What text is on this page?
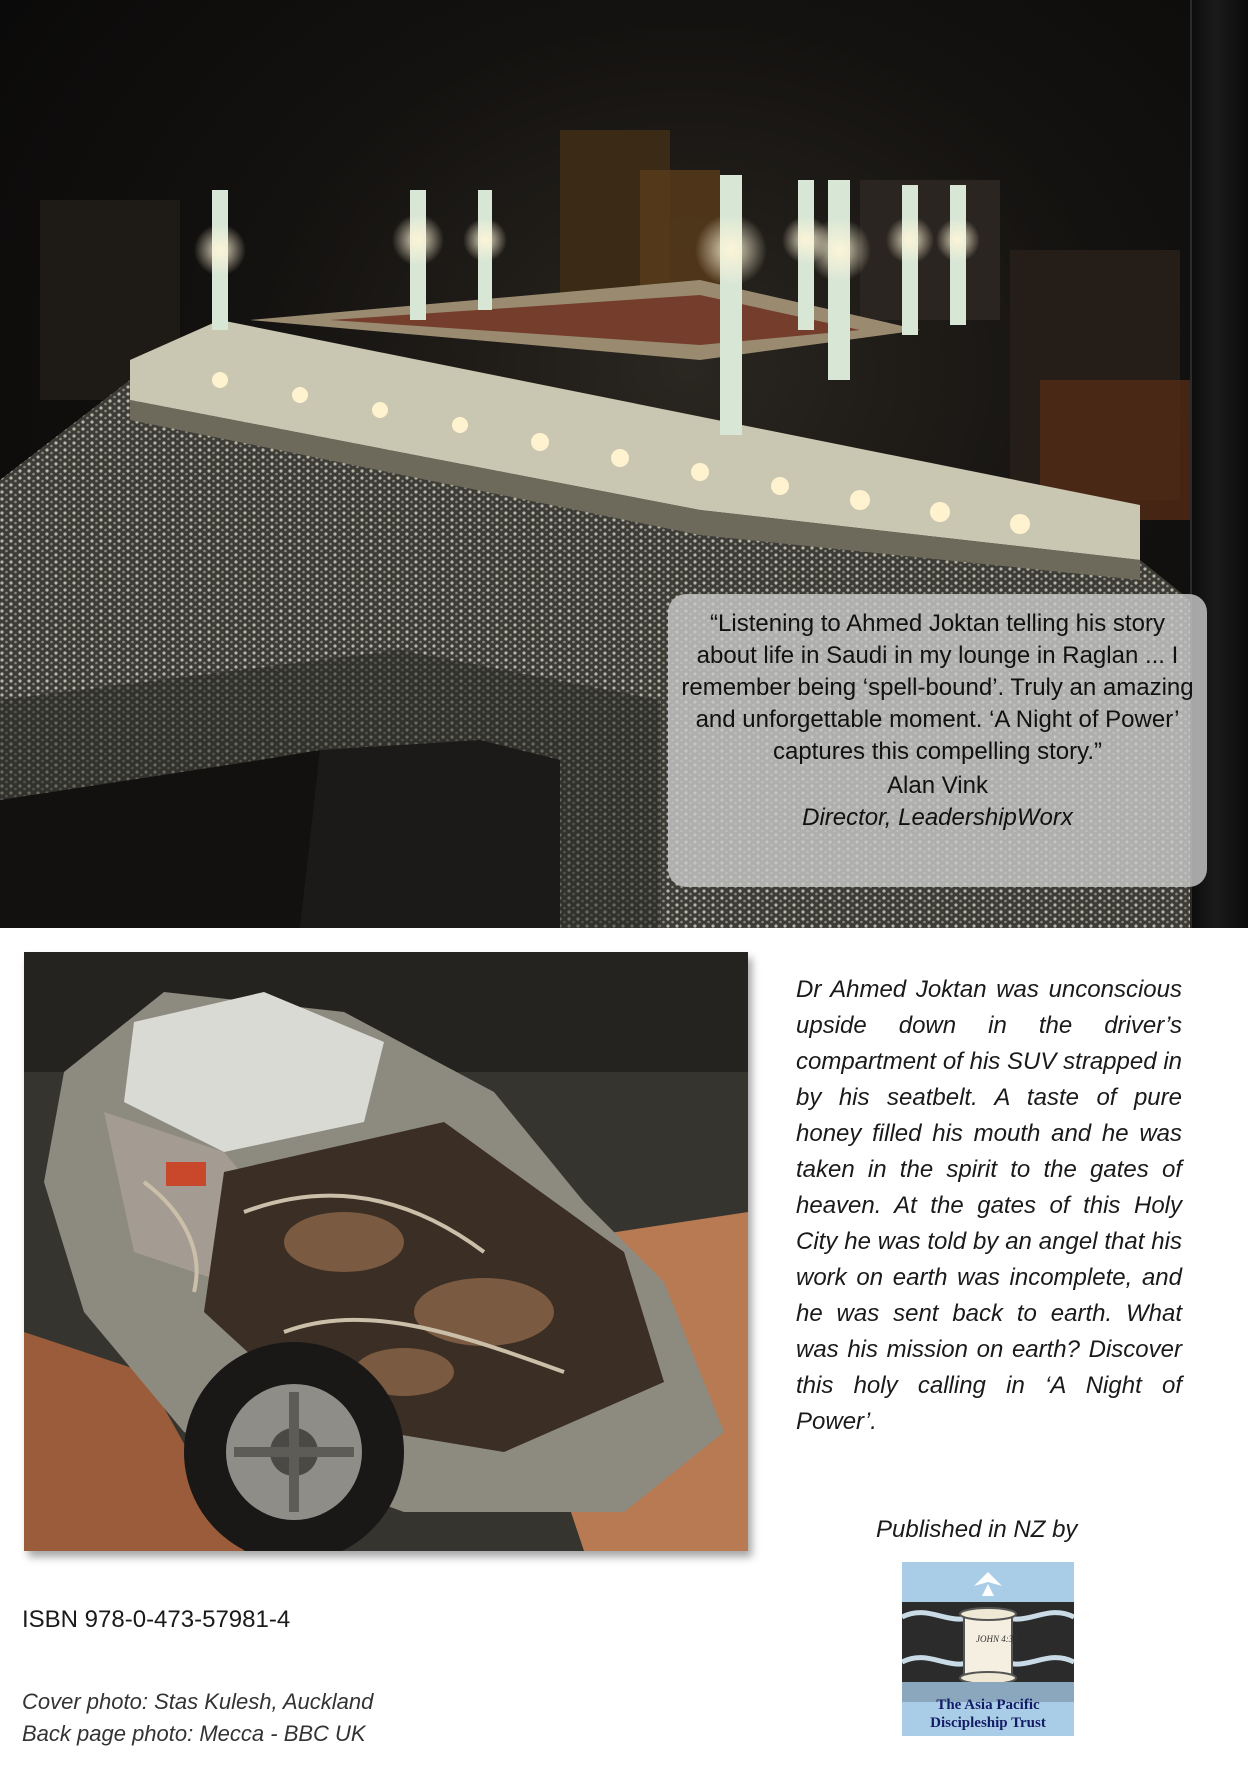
“Listening to Ahmed Joktan telling his story about life in Saudi in my lounge in Raglan ... I remember being ‘spell-bound’. Truly an amazing and unforgettable moment. ‘A Night of Power’ captures this compelling story.”

Alan Vink
Director, LeadershipWorx

Dr Ahmed Joktan was unconscious upside down in the driver’s compartment of his SUV strapped in by his seatbelt. A taste of pure honey filled his mouth and he was taken in the spirit to the gates of heaven. At the gates of this Holy City he was told by an angel that his work on earth was incomplete, and he was sent back to earth. What was his mission on earth? Discover this holy calling in ‘A Night of Power’.

Published in NZ by
JOHN 4:35
The Asia Pacific Discipleship Trust
ISBN 978-0-473-57981-4
Cover photo: Stas Kulesh, Auckland
Back page photo: Mecca - BBC UK
